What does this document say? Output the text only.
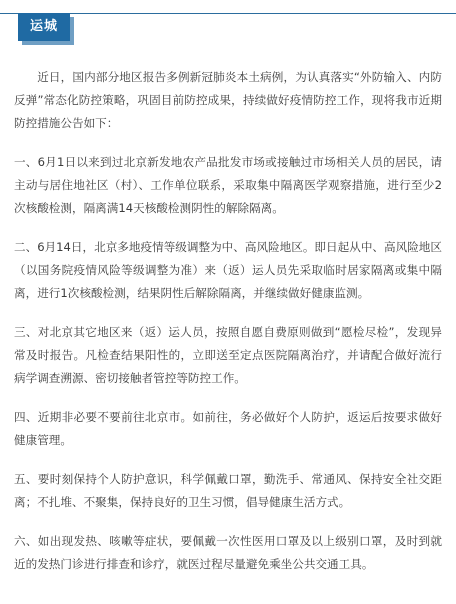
运城

近日，国内部分地区报告多例新冠肺炎本土病例，为认真落实“外防输入、内防反弹”常态化防控策略，巩固目前防控成果，持续做好疫情防控工作，现将我市近期防控措施公告如下：

一、6月1日以来到过北京新发地农产品批发市场或接触过市场相关人员的居民，请主动与居住地社区（村）、工作单位联系，采取集中隔离医学观察措施，进行至少2次核酸检测，隔离满14天核酸检测阴性的解除隔离。

二、6月14日，北京多地疫情等级调整为中、高风险地区。即日起从中、高风险地区（以国务院疫情风险等级调整为准）来（返）运人员先采取临时居家隔离或集中隔离，进行1次核酸检测，结果阴性后解除隔离，并继续做好健康监测。

三、对北京其它地区来（返）运人员，按照自愿自费原则做到“愿检尽检”，发现异常及时报告。凡检查结果阳性的，立即送至定点医院隔离治疗，并请配合做好流行病学调查溯源、密切接触者管控等防控工作。

四、近期非必要不要前往北京市。如前往，务必做好个人防护，返运后按要求做好健康管理。

五、要时刻保持个人防护意识，科学佩戴口罩，勤洗手、常通风、保持安全社交距离；不扎堆、不聚集，保持良好的卫生习惯，倡导健康生活方式。

六、如出现发热、咳嗽等症状，要佩戴一次性医用口罩及以上级别口罩，及时到就近的发热门诊进行排查和诊疗，就医过程尽量避免乘坐公共交通工具。
